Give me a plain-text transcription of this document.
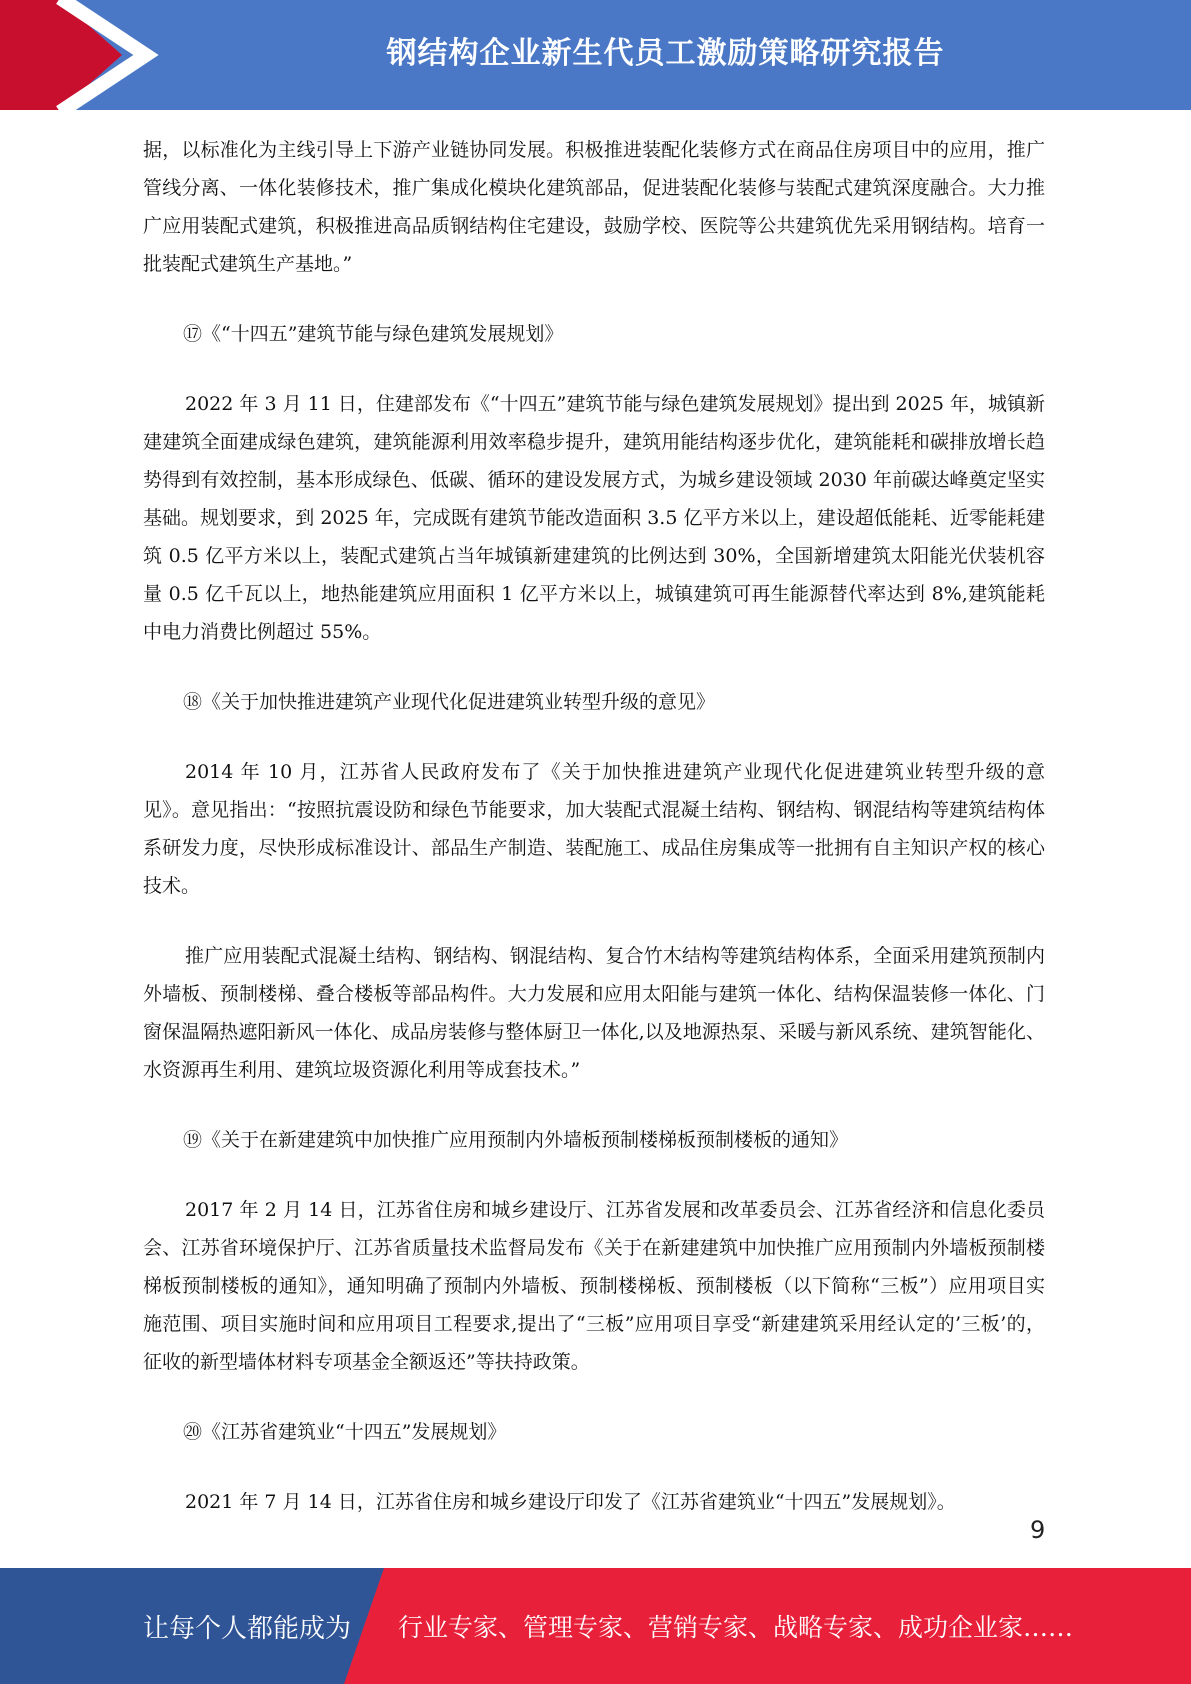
钢结构企业新生代员工激励策略研究报告

据，以标准化为主线引导上下游产业链协同发展。积极推进装配化装修方式在商品住房项目中的应用，推广管线分离、一体化装修技术，推广集成化模块化建筑部品，促进装配化装修与装配式建筑深度融合。大力推广应用装配式建筑，积极推进高品质钢结构住宅建设，鼓励学校、医院等公共建筑优先采用钢结构。培育一批装配式建筑生产基地。”

⑰《“十四五”建筑节能与绿色建筑发展规划》

2022 年 3 月 11 日，住建部发布《“十四五”建筑节能与绿色建筑发展规划》提出到 2025 年，城镇新建建筑全面建成绿色建筑，建筑能源利用效率稳步提升，建筑用能结构逐步优化，建筑能耗和碳排放增长趋势得到有效控制，基本形成绿色、低碳、循环的建设发展方式，为城乡建设领域 2030 年前碳达峰奠定坚实基础。规划要求，到 2025 年，完成既有建筑节能改造面积 3.5 亿平方米以上，建设超低能耗、近零能耗建筑 0.5 亿平方米以上，装配式建筑占当年城镇新建建筑的比例达到 30%，全国新增建筑太阳能光伏装机容量 0.5 亿千瓦以上，地热能建筑应用面积 1 亿平方米以上，城镇建筑可再生能源替代率达到 8%,建筑能耗中电力消费比例超过 55%。

⑱《关于加快推进建筑产业现代化促进建筑业转型升级的意见》

2014 年 10 月，江苏省人民政府发布了《关于加快推进建筑产业现代化促进建筑业转型升级的意见》。意见指出：“按照抗震设防和绿色节能要求，加大装配式混凝土结构、钢结构、钢混结构等建筑结构体系研发力度，尽快形成标准设计、部品生产制造、装配施工、成品住房集成等一批拥有自主知识产权的核心技术。

推广应用装配式混凝土结构、钢结构、钢混结构、复合竹木结构等建筑结构体系，全面采用建筑预制内外墙板、预制楼梯、叠合楼板等部品构件。大力发展和应用太阳能与建筑一体化、结构保温装修一体化、门窗保温隔热遮阳新风一体化、成品房装修与整体厨卫一体化,以及地源热泵、采暖与新风系统、建筑智能化、水资源再生利用、建筑垃圾资源化利用等成套技术。”

⑲《关于在新建建筑中加快推广应用预制内外墙板预制楼梯板预制楼板的通知》

2017 年 2 月 14 日，江苏省住房和城乡建设厅、江苏省发展和改革委员会、江苏省经济和信息化委员会、江苏省环境保护厅、江苏省质量技术监督局发布《关于在新建建筑中加快推广应用预制内外墙板预制楼梯板预制楼板的通知》，通知明确了预制内外墙板、预制楼梯板、预制楼板（以下简称“三板”）应用项目实施范围、项目实施时间和应用项目工程要求,提出了“三板”应用项目享受“新建建筑采用经认定的’三板’的，征收的新型墙体材料专项基金全额返还”等扶持政策。

⑳《江苏省建筑业“十四五”发展规划》

2021 年 7 月 14 日，江苏省住房和城乡建设厅印发了《江苏省建筑业“十四五”发展规划》。

9
让每个人都能成为 行业专家、管理专家、营销专家、战略专家、成功企业家……
